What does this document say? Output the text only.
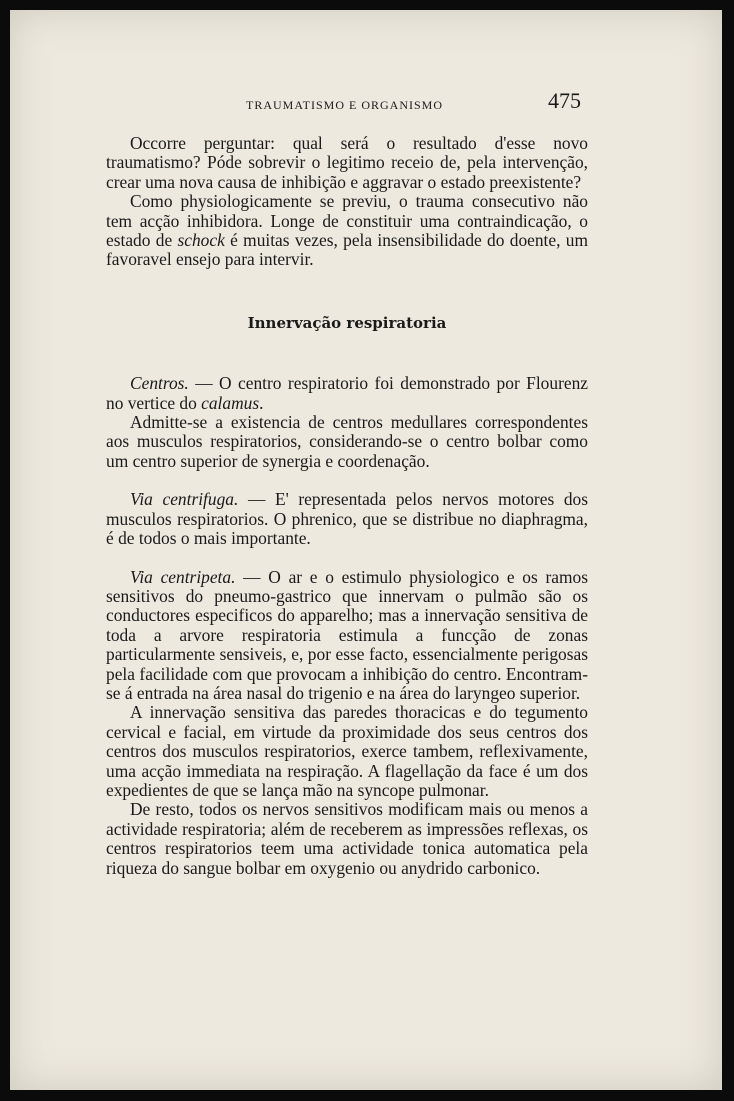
TRAUMATISMO E ORGANISMO	475

Occorre perguntar: qual será o resultado d'esse novo traumatismo? Póde sobrevir o legitimo receio de, pela intervenção, crear uma nova causa de inhibição e aggravar o estado preexistente?

Como physiologicamente se previu, o trauma consecutivo não tem acção inhibidora. Longe de constituir uma contraindicação, o estado de schock é muitas vezes, pela insensibilidade do doente, um favoravel ensejo para intervir.

Innervação respiratoria

Centros. — O centro respiratorio foi demonstrado por Flourenz no vertice do calamus.

Admitte-se a existencia de centros medullares correspondentes aos musculos respiratorios, considerando-se o centro bolbar como um centro superior de synergia e coordenação.

Via centrifuga. — E' representada pelos nervos motores dos musculos respiratorios. O phrenico, que se distribue no diaphragma, é de todos o mais importante.

Via centripeta. — O ar e o estimulo physiologico e os ramos sensitivos do pneumo-gastrico que innervam o pulmão são os conductores especificos do apparelho; mas a innervação sensitiva de toda a arvore respiratoria estimula a funcção de zonas particularmente sensiveis, e, por esse facto, essencialmente perigosas pela facilidade com que provocam a inhibição do centro. Encontram-se á entrada na área nasal do trigenio e na área do laryngeo superior.

A innervação sensitiva das paredes thoracicas e do tegumento cervical e facial, em virtude da proximidade dos seus centros dos centros dos musculos respiratorios, exerce tambem, reflexivamente, uma acção immediata na respiração. A flagellação da face é um dos expedientes de que se lança mão na syncope pulmonar.

De resto, todos os nervos sensitivos modificam mais ou menos a actividade respiratoria; além de receberem as impressões reflexas, os centros respiratorios teem uma actividade tonica automatica pela riqueza do sangue bolbar em oxygenio ou anydrido carbonico.
